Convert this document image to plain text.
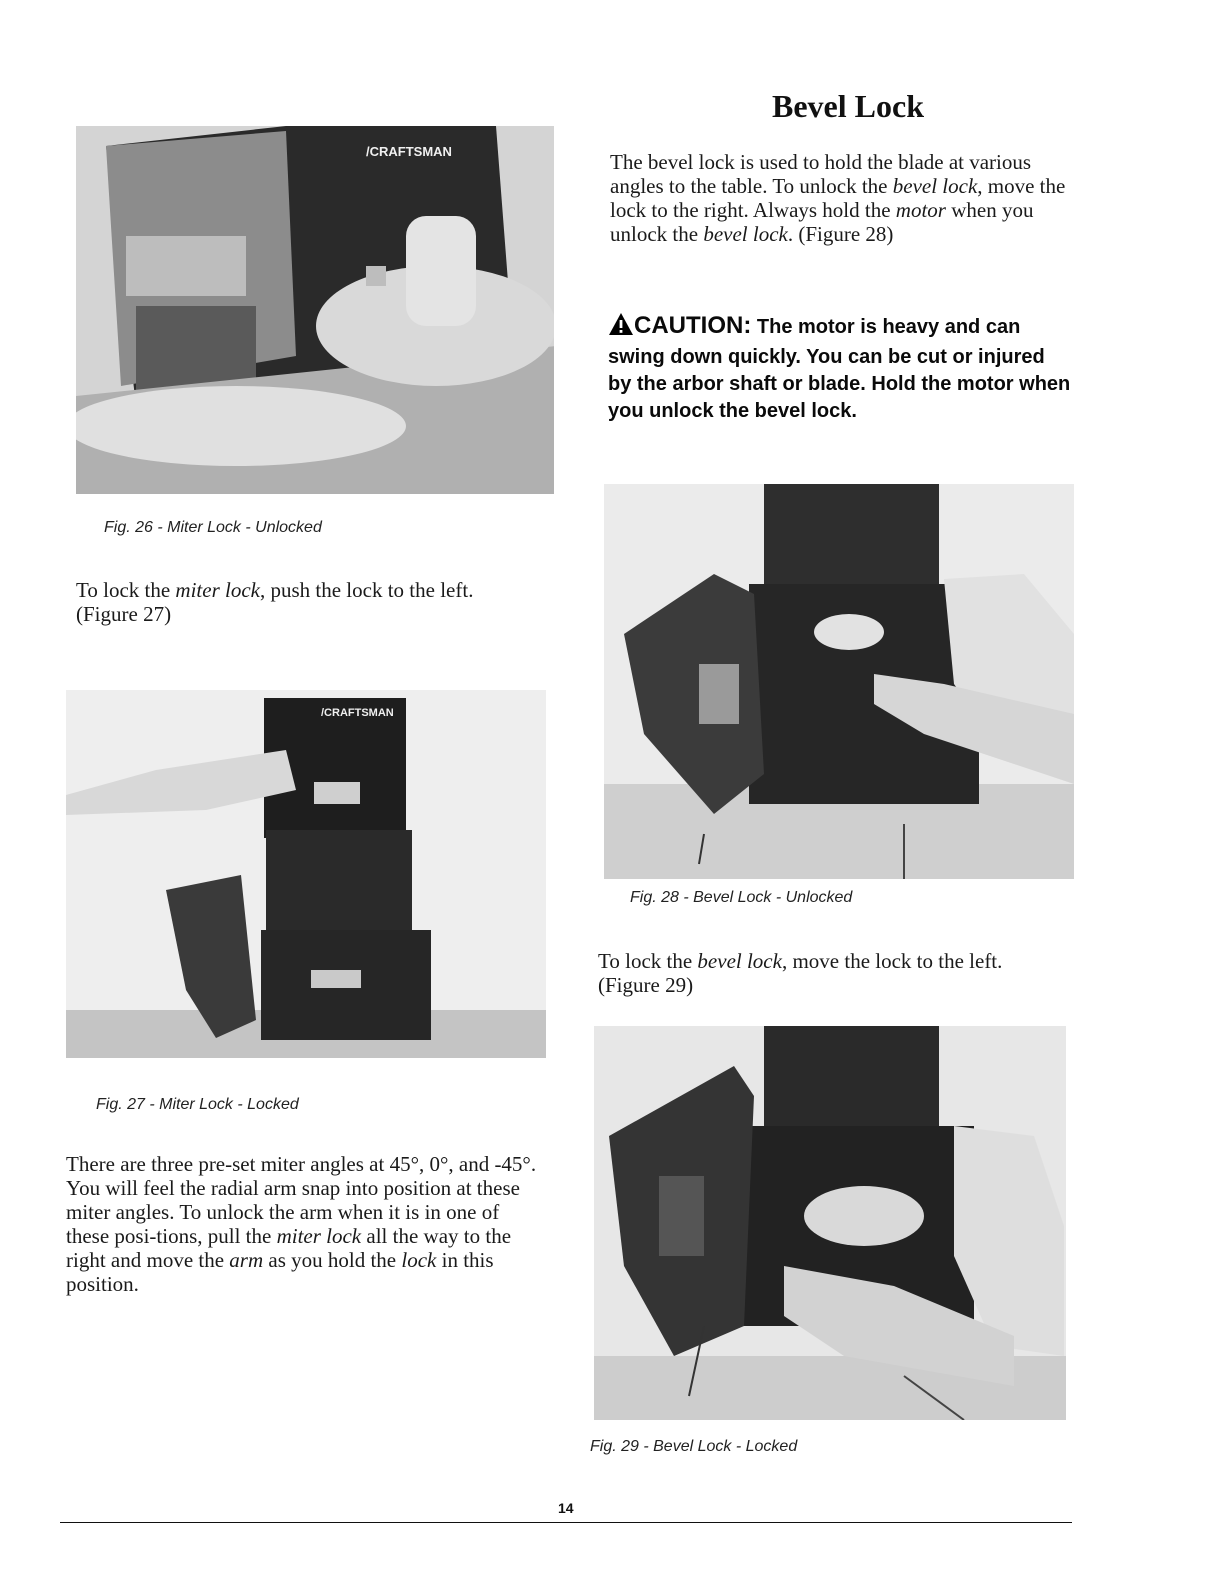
/CRAFTSMAN
Fig. 26 - Miter Lock - Unlocked
To lock the miter lock, push the lock to the left. (Figure 27)
/CRAFTSMAN
Fig. 27 - Miter Lock - Locked
There are three pre-set miter angles at 45°, 0°, and -45°. You will feel the radial arm snap into position at these miter angles. To unlock the arm when it is in one of these posi-tions, pull the miter lock all the way to the right and move the arm as you hold the lock in this position.
Bevel Lock
The bevel lock is used to hold the blade at various angles to the table. To unlock the bevel lock, move the lock to the right. Always hold the motor when you unlock the bevel lock. (Figure 28)
CAUTION: The motor is heavy and can swing down quickly. You can be cut or injured by the arbor shaft or blade. Hold the motor when you unlock the bevel lock.
Fig. 28 - Bevel Lock - Unlocked
To lock the bevel lock, move the lock to the left. (Figure 29)
Fig. 29 - Bevel Lock - Locked
14
